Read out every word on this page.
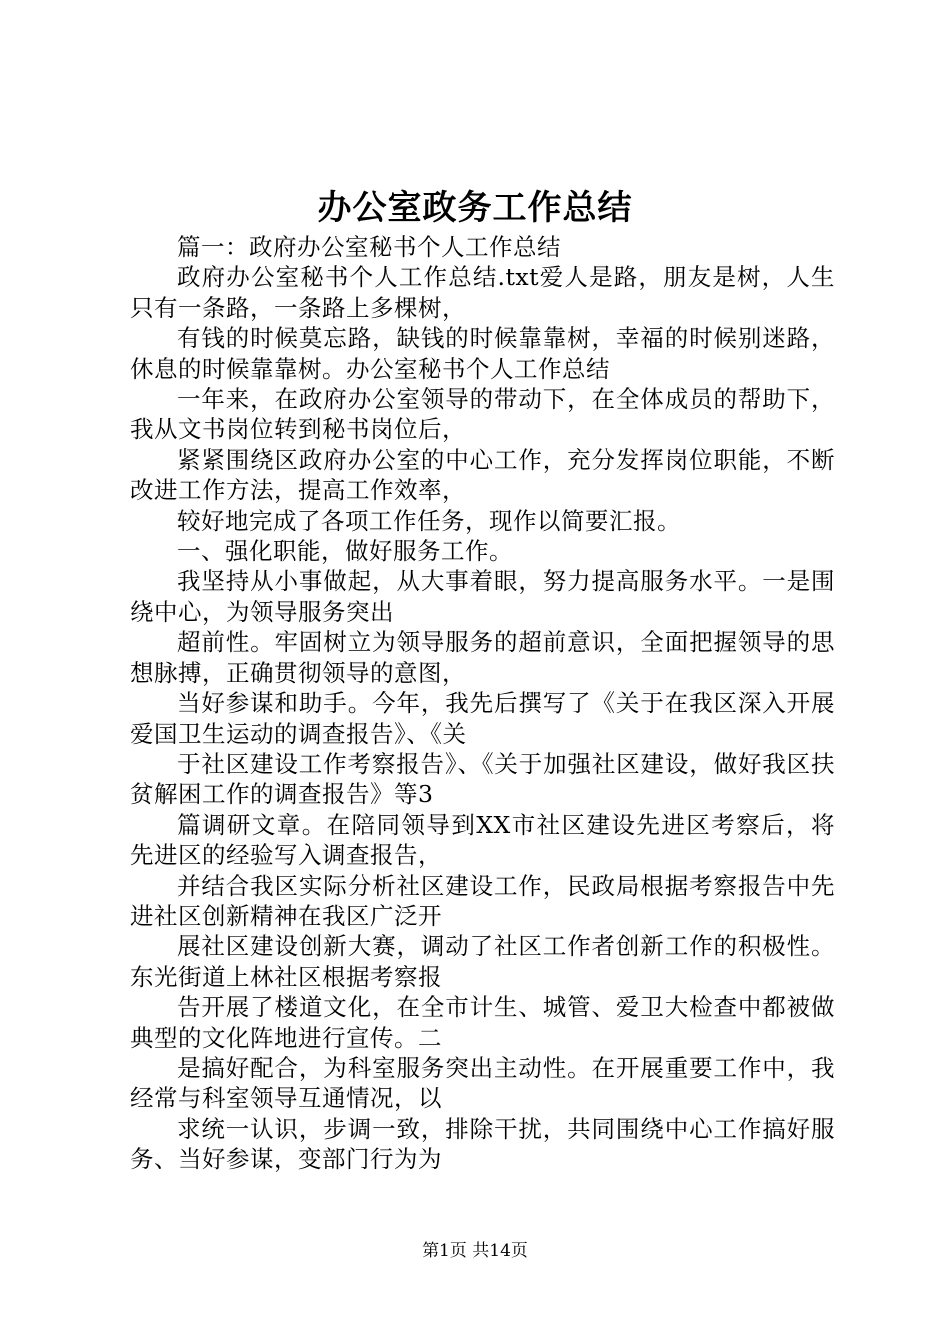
办公室政务工作总结

篇一：政府办公室秘书个人工作总结

政府办公室秘书个人工作总结.txt爱人是路，朋友是树，人生只有一条路，一条路上多棵树，

有钱的时候莫忘路，缺钱的时候靠靠树，幸福的时候别迷路，休息的时候靠靠树。办公室秘书个人工作总结

一年来，在政府办公室领导的带动下，在全体成员的帮助下，我从文书岗位转到秘书岗位后，

紧紧围绕区政府办公室的中心工作，充分发挥岗位职能，不断改进工作方法，提高工作效率，

较好地完成了各项工作任务，现作以简要汇报。

一、强化职能，做好服务工作。

我坚持从小事做起，从大事着眼，努力提高服务水平。一是围绕中心，为领导服务突出

超前性。牢固树立为领导服务的超前意识，全面把握领导的思想脉搏，正确贯彻领导的意图，

当好参谋和助手。今年，我先后撰写了《关于在我区深入开展爱国卫生运动的调查报告》、《关

于社区建设工作考察报告》、《关于加强社区建设，做好我区扶贫解困工作的调查报告》等3

篇调研文章。在陪同领导到XX市社区建设先进区考察后，将先进区的经验写入调查报告，

并结合我区实际分析社区建设工作，民政局根据考察报告中先进社区创新精神在我区广泛开

展社区建设创新大赛，调动了社区工作者创新工作的积极性。东光街道上林社区根据考察报

告开展了楼道文化，在全市计生、城管、爱卫大检查中都被做典型的文化阵地进行宣传。二

是搞好配合，为科室服务突出主动性。在开展重要工作中，我经常与科室领导互通情况，以

求统一认识，步调一致，排除干扰，共同围绕中心工作搞好服务、当好参谋，变部门行为为

第1页 共14页
